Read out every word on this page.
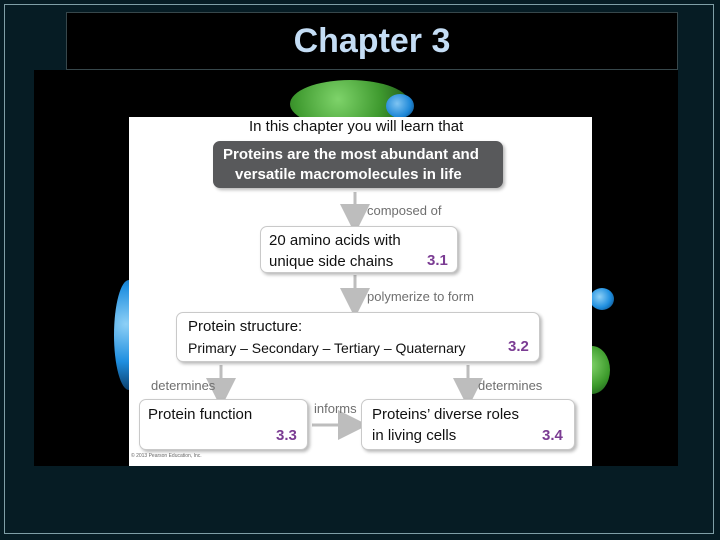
Chapter 3
In this chapter you will learn that
Proteins are the most abundant and
versatile macromolecules in life
composed of
20 amino acids with
unique side chains 3.1
polymerize to form
Protein structure:
Primary – Secondary – Tertiary – Quaternary	3.2
determines	determines
Protein function
3.3
informs Proteins’ diverse roles
in living cells	3.4
© 2013 Pearson Education, Inc.
